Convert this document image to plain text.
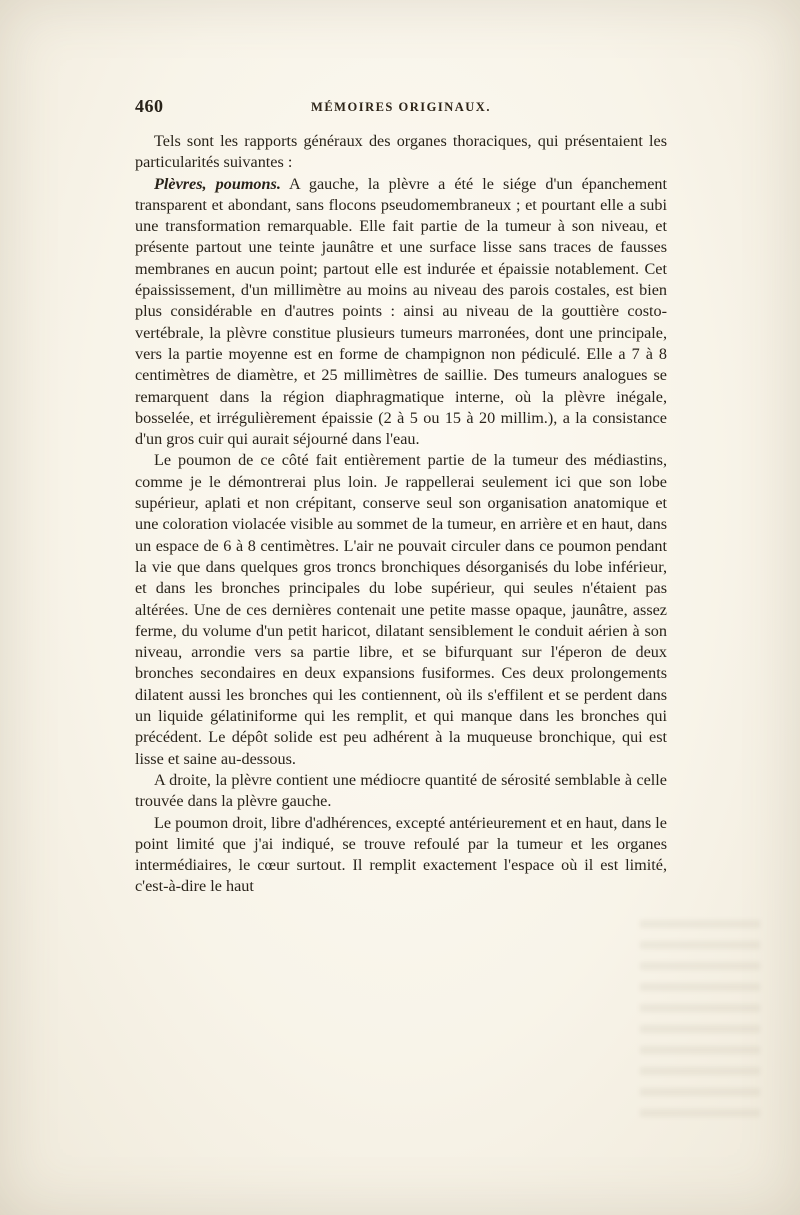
460	MÉMOIRES ORIGINAUX.

Tels sont les rapports généraux des organes thoraciques, qui présentaient les particularités suivantes :

Plèvres, poumons. A gauche, la plèvre a été le siége d'un épanchement transparent et abondant, sans flocons pseudomembraneux ; et pourtant elle a subi une transformation remarquable. Elle fait partie de la tumeur à son niveau, et présente partout une teinte jaunâtre et une surface lisse sans traces de fausses membranes en aucun point; partout elle est indurée et épaissie notablement. Cet épaississement, d'un millimètre au moins au niveau des parois costales, est bien plus considérable en d'autres points : ainsi au niveau de la gouttière costo-vertébrale, la plèvre constitue plusieurs tumeurs marronées, dont une principale, vers la partie moyenne est en forme de champignon non pédiculé. Elle a 7 à 8 centimètres de diamètre, et 25 millimètres de saillie. Des tumeurs analogues se remarquent dans la région diaphragmatique interne, où la plèvre inégale, bosselée, et irrégulièrement épaissie (2 à 5 ou 15 à 20 millim.), a la consistance d'un gros cuir qui aurait séjourné dans l'eau.

Le poumon de ce côté fait entièrement partie de la tumeur des médiastins, comme je le démontrerai plus loin. Je rappellerai seulement ici que son lobe supérieur, aplati et non crépitant, conserve seul son organisation anatomique et une coloration violacée visible au sommet de la tumeur, en arrière et en haut, dans un espace de 6 à 8 centimètres. L'air ne pouvait circuler dans ce poumon pendant la vie que dans quelques gros troncs bronchiques désorganisés du lobe inférieur, et dans les bronches principales du lobe supérieur, qui seules n'étaient pas altérées. Une de ces dernières contenait une petite masse opaque, jaunâtre, assez ferme, du volume d'un petit haricot, dilatant sensiblement le conduit aérien à son niveau, arrondie vers sa partie libre, et se bifurquant sur l'éperon de deux bronches secondaires en deux expansions fusiformes. Ces deux prolongements dilatent aussi les bronches qui les contiennent, où ils s'effilent et se perdent dans un liquide gélatiniforme qui les remplit, et qui manque dans les bronches qui précédent. Le dépôt solide est peu adhérent à la muqueuse bronchique, qui est lisse et saine au-dessous.

A droite, la plèvre contient une médiocre quantité de sérosité semblable à celle trouvée dans la plèvre gauche.

Le poumon droit, libre d'adhérences, excepté antérieurement et en haut, dans le point limité que j'ai indiqué, se trouve refoulé par la tumeur et les organes intermédiaires, le cœur surtout. Il remplit exactement l'espace où il est limité, c'est-à-dire le haut
